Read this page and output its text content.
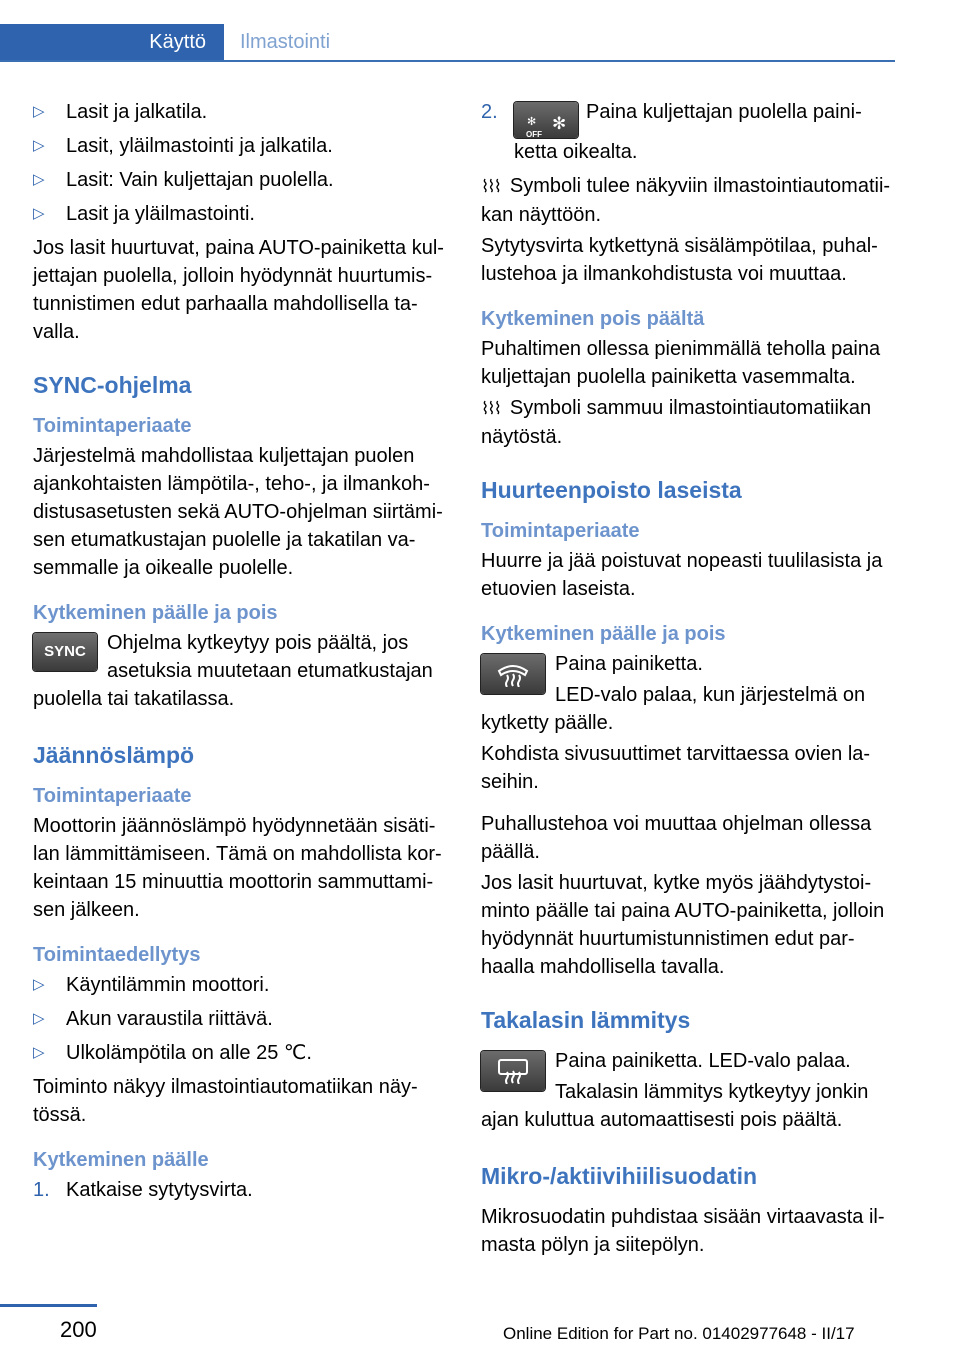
Käyttö	Ilmastointi
▷ Lasit ja jalkatila.
▷ Lasit, yläilmastointi ja jalkatila.
▷ Lasit: Vain kuljettajan puolella.
▷ Lasit ja yläilmastointi.

Jos lasit huurtuvat, paina AUTO-painiketta kul- jettajan puolella, jolloin hyödynnät huurtumis- tunnistimen edut parhaalla mahdollisella ta- valla.

SYNC-ohjelma
Toimintaperiaate

Järjestelmä mahdollistaa kuljettajan puolen ajankohtaisten lämpötila-, teho-, ja ilmankoh- distusasetusten sekä AUTO-ohjelman siirtämi- sen etumatkustajan puolelle ja takatilan va- semmalle ja oikealle puolelle.

Kytkeminen päälle ja pois
SYNC	Ohjelma kytkeytyy pois päältä, jos asetuksia muutetaan etumatkustajan puolella tai takatilassa.

Jäännöslämpö
Toimintaperiaate

Moottorin jäännöslämpö hyödynnetään sisäti- lan lämmittämiseen. Tämä on mahdollista kor- keintaan 15 minuuttia moottorin sammuttami- sen jälkeen.

Toimintaedellytys
▷ Käyntilämmin moottori.
▷ Akun varaustila riittävä.
▷ Ulkolämpötila on alle 25 ℃.

Toiminto näkyy ilmastointiautomatiikan näy- tössä.

Kytkeminen päälle
1. Katkaise sytytysvirta.
2.	✻
OFF
✻
Paina kuljettajan puolella paini- ketta oikealta.

⌇⌇⌇ Symboli tulee näkyviin ilmastointiautomatii- kan näyttöön.

Sytytysvirta kytkettynä sisälämpötilaa, puhal- lustehoa ja ilmankohdistusta voi muuttaa.

Kytkeminen pois päältä

Puhaltimen ollessa pienimmällä teholla paina kuljettajan puolella painiketta vasemmalta.

⌇⌇⌇ Symboli sammuu ilmastointiautomatiikan näytöstä.

Huurteenpoisto laseista
Toimintaperiaate

Huurre ja jää poistuvat nopeasti tuulilasista ja etuovien laseista.

Kytkeminen päälle ja pois

Paina painiketta.

LED-valo palaa, kun järjestelmä on kytketty päälle.

Kohdista sivusuuttimet tarvittaessa ovien la- seihin.

Puhallustehoa voi muuttaa ohjelman ollessa päällä.

Jos lasit huurtuvat, kytke myös jäähdytystoi- minto päälle tai paina AUTO-painiketta, jolloin hyödynnät huurtumistunnistimen edut par- haalla mahdollisella tavalla.

Takalasin lämmitys

Paina painiketta. LED-valo palaa.

Takalasin lämmitys kytkeytyy jonkin ajan kuluttua automaattisesti pois päältä.

Mikro-/aktiivihiilisuodatin

Mikrosuodatin puhdistaa sisään virtaavasta il- masta pölyn ja siitepölyn.

200	Online Edition for Part no. 01402977648 - II/17
